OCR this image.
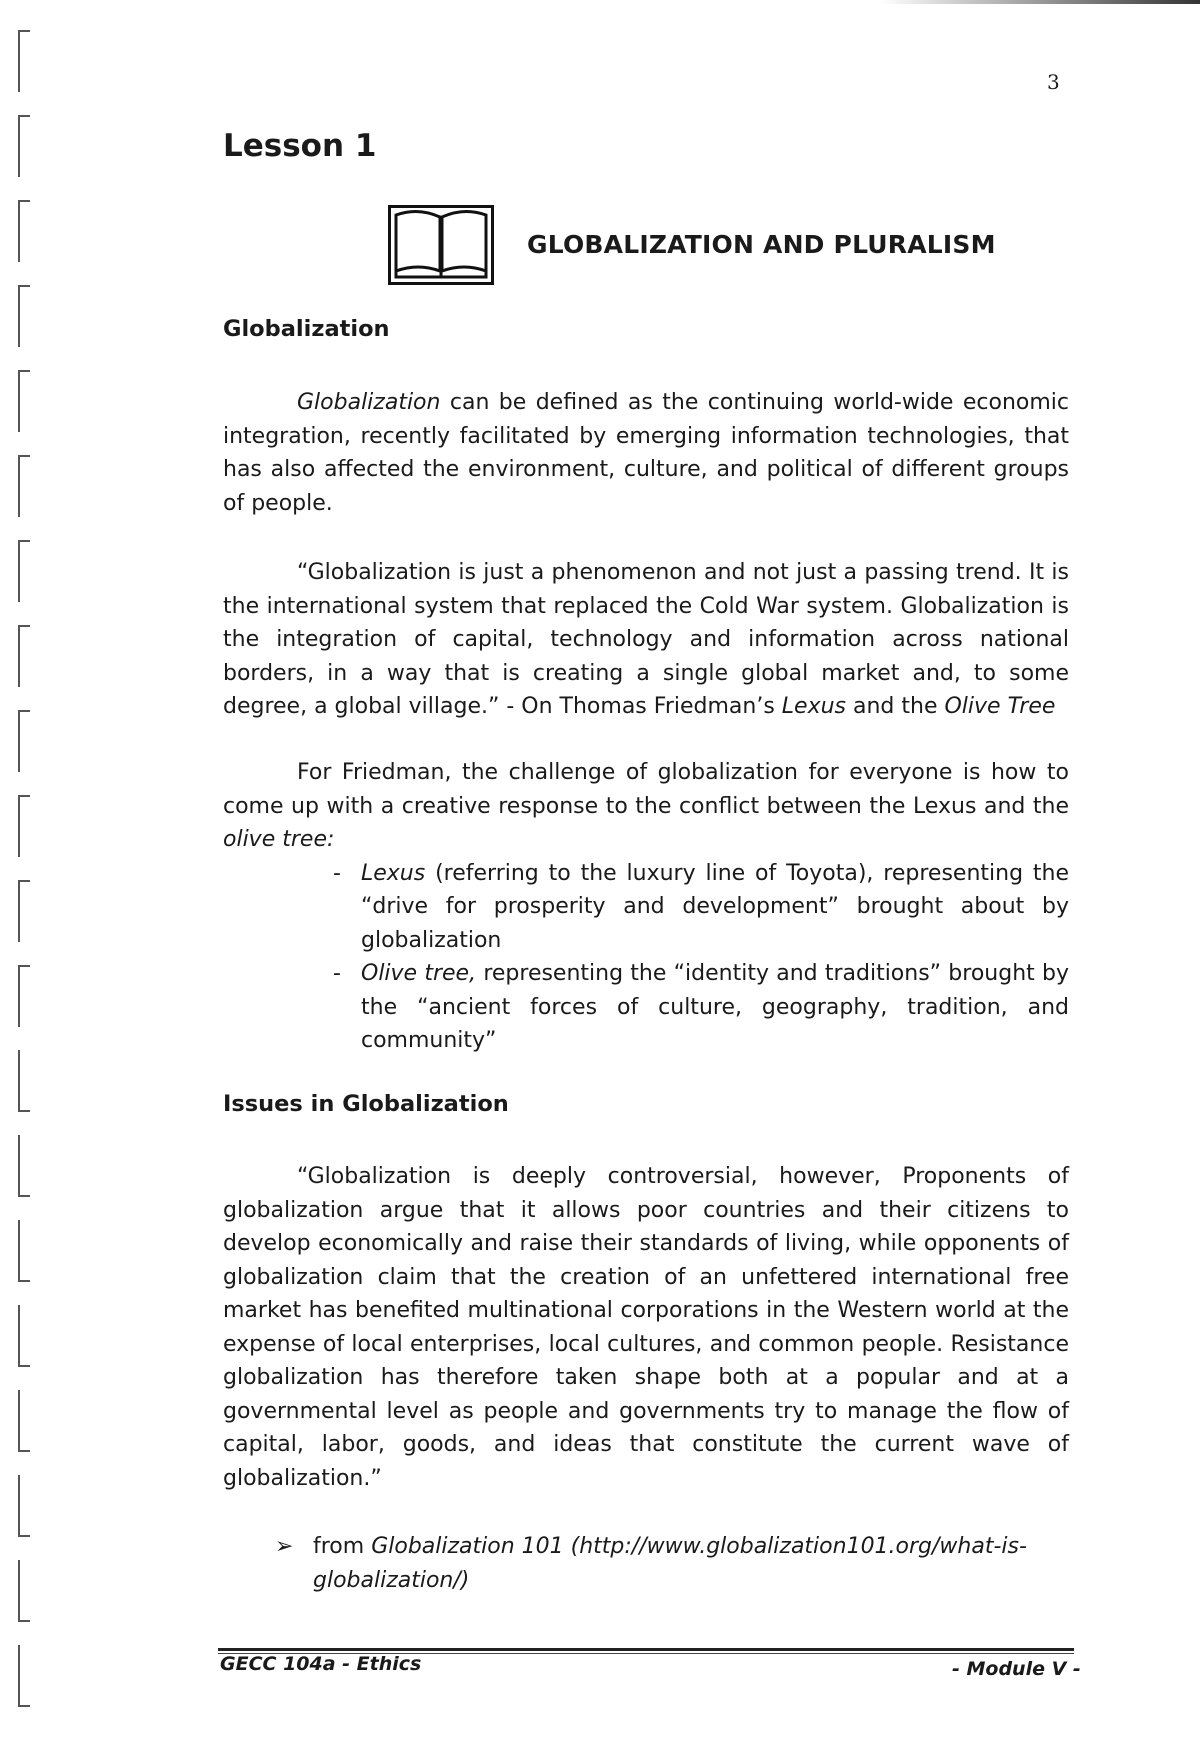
3
Lesson 1
GLOBALIZATION AND PLURALISM
Globalization

Globalization can be defined as the continuing world-wide economic integration, recently facilitated by emerging information technologies, that has also affected the environment, culture, and political of different groups of people.

“Globalization is just a phenomenon and not just a passing trend. It is the international system that replaced the Cold War system. Globalization is the integration of capital, technology and information across national borders, in a way that is creating a single global market and, to some degree, a global village.” - On Thomas Friedman’s Lexus and the Olive Tree

For Friedman, the challenge of globalization for everyone is how to come up with a creative response to the conflict between the Lexus and the olive tree:

- Lexus (referring to the luxury line of Toyota), representing the “drive for prosperity and development” brought about by globalization
- Olive tree, representing the “identity and traditions” brought by the “ancient forces of culture, geography, tradition, and community”
Issues in Globalization

“Globalization is deeply controversial, however, Proponents of globalization argue that it allows poor countries and their citizens to develop economically and raise their standards of living, while opponents of globalization claim that the creation of an unfettered international free market has benefited multinational corporations in the Western world at the expense of local enterprises, local cultures, and common people. Resistance globalization has therefore taken shape both at a popular and at a governmental level as people and governments try to manage the flow of capital, labor, goods, and ideas that constitute the current wave of globalization.”

➢ from Globalization 101 (http://www.globalization101.org/what-is-globalization/)
GECC 104a - Ethics	- Module V -
